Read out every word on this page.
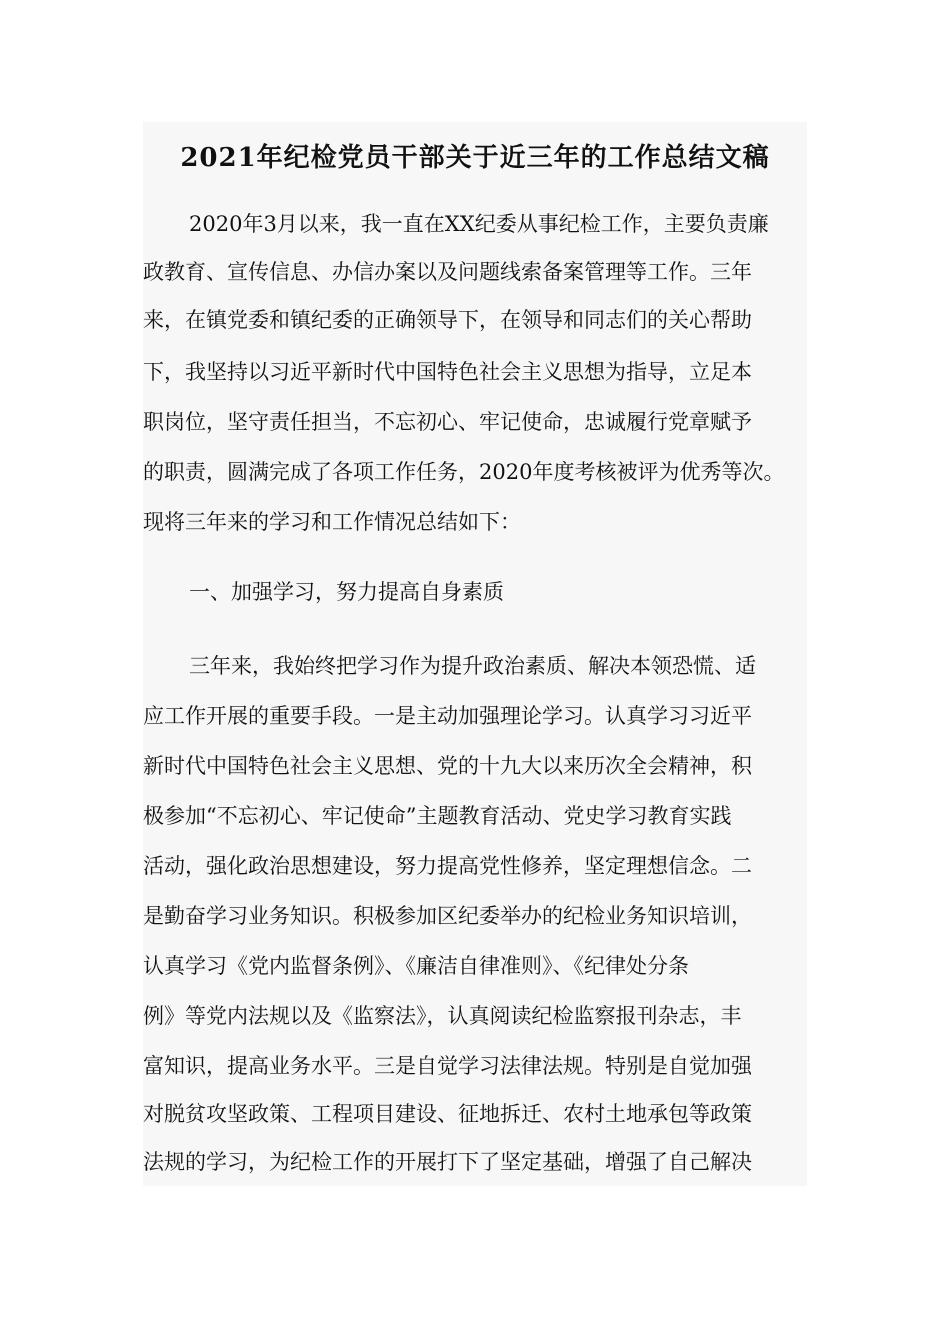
2021年纪检党员干部关于近三年的工作总结文稿
2020年3月以来，我一直在XX纪委从事纪检工作，主要负责廉
政教育、宣传信息、办信办案以及问题线索备案管理等工作。三年
来，在镇党委和镇纪委的正确领导下，在领导和同志们的关心帮助
下，我坚持以习近平新时代中国特色社会主义思想为指导，立足本
职岗位，坚守责任担当，不忘初心、牢记使命，忠诚履行党章赋予
的职责，圆满完成了各项工作任务，2020年度考核被评为优秀等次。
现将三年来的学习和工作情况总结如下：
一、加强学习，努力提高自身素质
三年来，我始终把学习作为提升政治素质、解决本领恐慌、适
应工作开展的重要手段。一是主动加强理论学习。认真学习习近平
新时代中国特色社会主义思想、党的十九大以来历次全会精神，积
极参加“不忘初心、牢记使命”主题教育活动、党史学习教育实践
活动，强化政治思想建设，努力提高党性修养，坚定理想信念。二
是勤奋学习业务知识。积极参加区纪委举办的纪检业务知识培训，
认真学习《党内监督条例》、《廉洁自律准则》、《纪律处分条
例》等党内法规以及《监察法》，认真阅读纪检监察报刊杂志，丰
富知识，提高业务水平。三是自觉学习法律法规。特别是自觉加强
对脱贫攻坚政策、工程项目建设、征地拆迁、农村土地承包等政策
法规的学习，为纪检工作的开展打下了坚定基础，增强了自己解决
